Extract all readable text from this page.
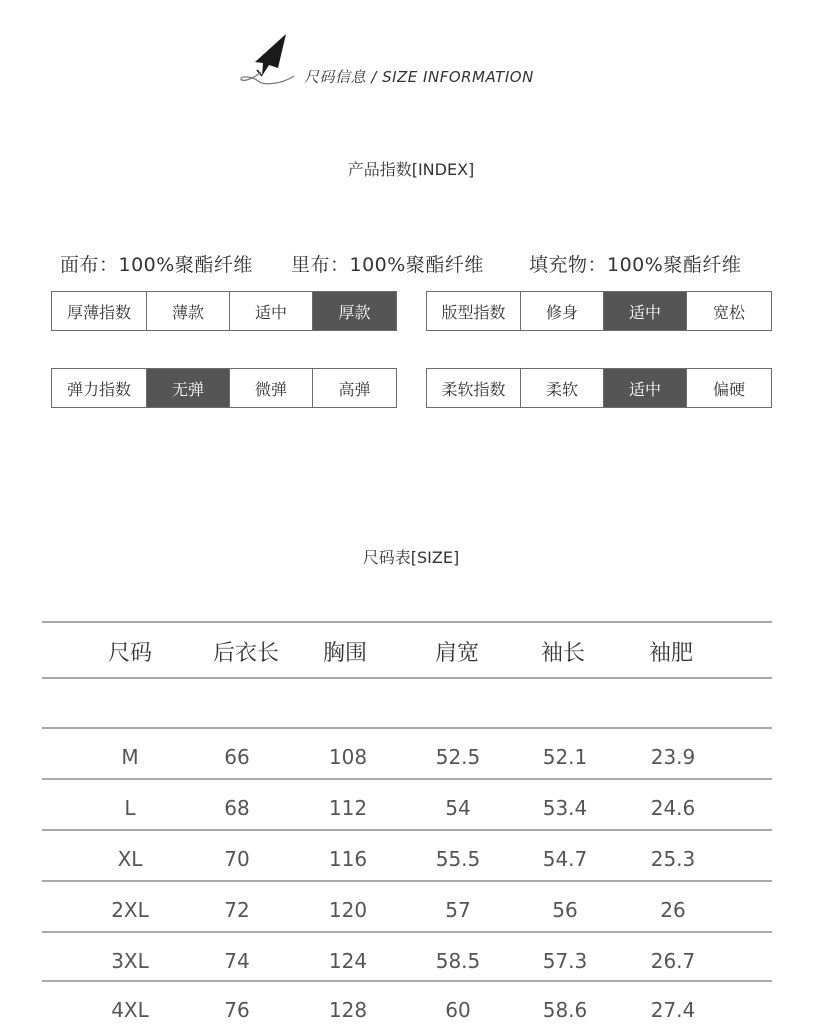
尺码信息 / SIZE INFORMATION
产品指数[INDEX]
面布：100%聚酯纤维 里布：100%聚酯纤维 填充物：100%聚酯纤维
厚薄指数	薄款	适中	厚款	版型指数	修身	适中	宽松
弹力指数	无弹	微弹	高弹	柔软指数	柔软	适中	偏硬
尺码表[SIZE]
尺码	后衣长	胸围	肩宽	袖长	袖肥
M	66	108	52.5	52.1	23.9
L	68	112	54	53.4	24.6
XL	70	116	55.5	54.7	25.3
2XL	72	120	57	56	26
3XL	74	124	58.5	57.3	26.7
4XL	76	128	60	58.6	27.4
